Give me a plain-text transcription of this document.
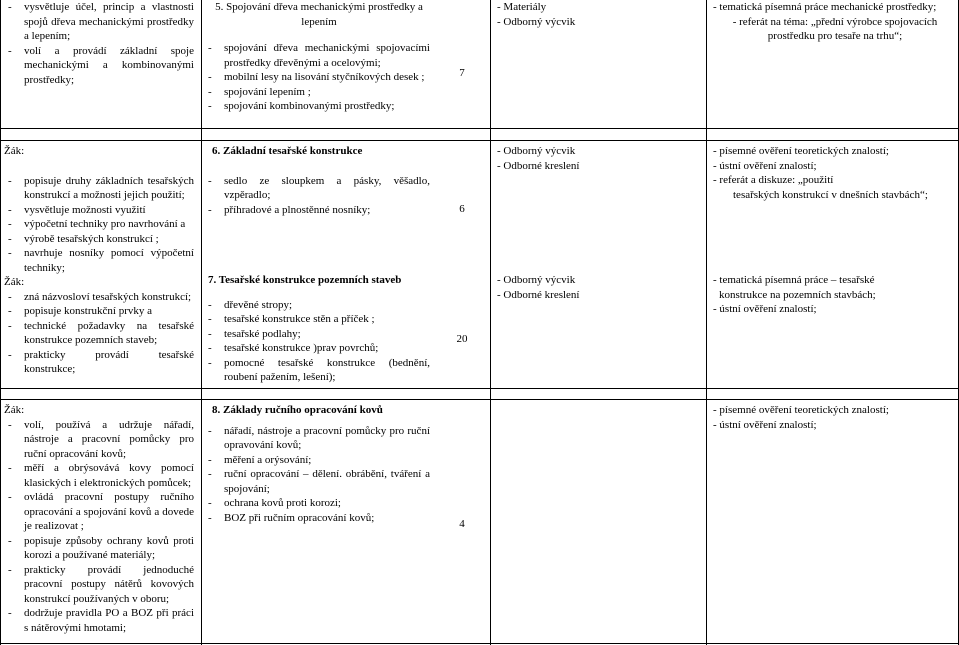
- vysvětluje účel, princip a vlastnosti spojů dřeva mechanickými prostředky a lepením;

- volí a provádí základní spoje mechanickými a kombinovanými prostředky;

5. Spojování dřeva mechanickými prostředky a lepením

- spojování dřeva mechanickými spojovacími prostředky dřevěnými a ocelovými;

- mobilní lesy na lisování styčníkových desek ;

- spojování lepením ;

- spojování kombinovanými prostředky;

7

- Materiály

- Odborný výcvik

- tematická písemná práce mechanické prostředky;

- referát na téma: „přední výrobce spojovacích prostředku pro tesaře na trhu“;

Žák:

- popisuje druhy základních tesařských konstrukcí a možnosti jejich použití;

- vysvětluje možnosti využití

- výpočetní techniky pro navrhování a

- výrobě tesařských konstrukcí ;

- navrhuje nosníky pomocí výpočetní techniky;

Žák:

- zná názvosloví tesařských konstrukcí;

- popisuje konstrukční prvky a

- technické požadavky na tesařské konstrukce pozemních staveb;

- prakticky provádí tesařské konstrukce;

6. Základní tesařské konstrukce

- sedlo ze sloupkem a pásky, věšadlo, vzpěradlo;

- příhradové a plnostěnné nosníky;	6

7. Tesařské konstrukce pozemních staveb

- dřevěné stropy;

- tesařské konstrukce stěn a příček ;

- tesařské podlahy;

- tesařské konstrukce )prav povrchů;

- pomocné tesařské konstrukce (bednění, roubení pažením, lešení);

20

- Odborný výcvik

- Odborné kreslení

- Odborný výcvik

- Odborné kreslení

- písemné ověření teoretických znalostí;

- ústní ověření znalostí;

- referát a diskuze: „použití

tesařských konstrukcí v dnešních stavbách“;

- tematická písemná práce – tesařské

konstrukce na pozemních stavbách;

- ústní ověření znalostí;

Žák:

- volí, používá a udržuje nářadí, nástroje a pracovní pomůcky pro ruční opracování kovů;

- měří a obrýsovává kovy pomocí klasických i elektronických pomůcek;

- ovládá pracovní postupy ručního opracování a spojování kovů a dovede je realizovat ;

- popisuje způsoby ochrany kovů proti korozi a používané materiály;

- prakticky provádí jednoduché pracovní postupy nátěrů kovových konstrukcí používaných v oboru;

- dodržuje pravidla PO a BOZ při práci s nátěrovými hmotami;

8. Základy ručního opracování kovů

- nářadí, nástroje a pracovní pomůcky pro ruční opravování kovů;

- měření a orýsování;

- ruční opracování – dělení. obrábění, tváření a spojování;

- ochrana kovů proti korozi;

- BOZ při ručním opracování kovů;

4

- písemné ověření teoretických znalostí;

- ústní ověření znalostí;
